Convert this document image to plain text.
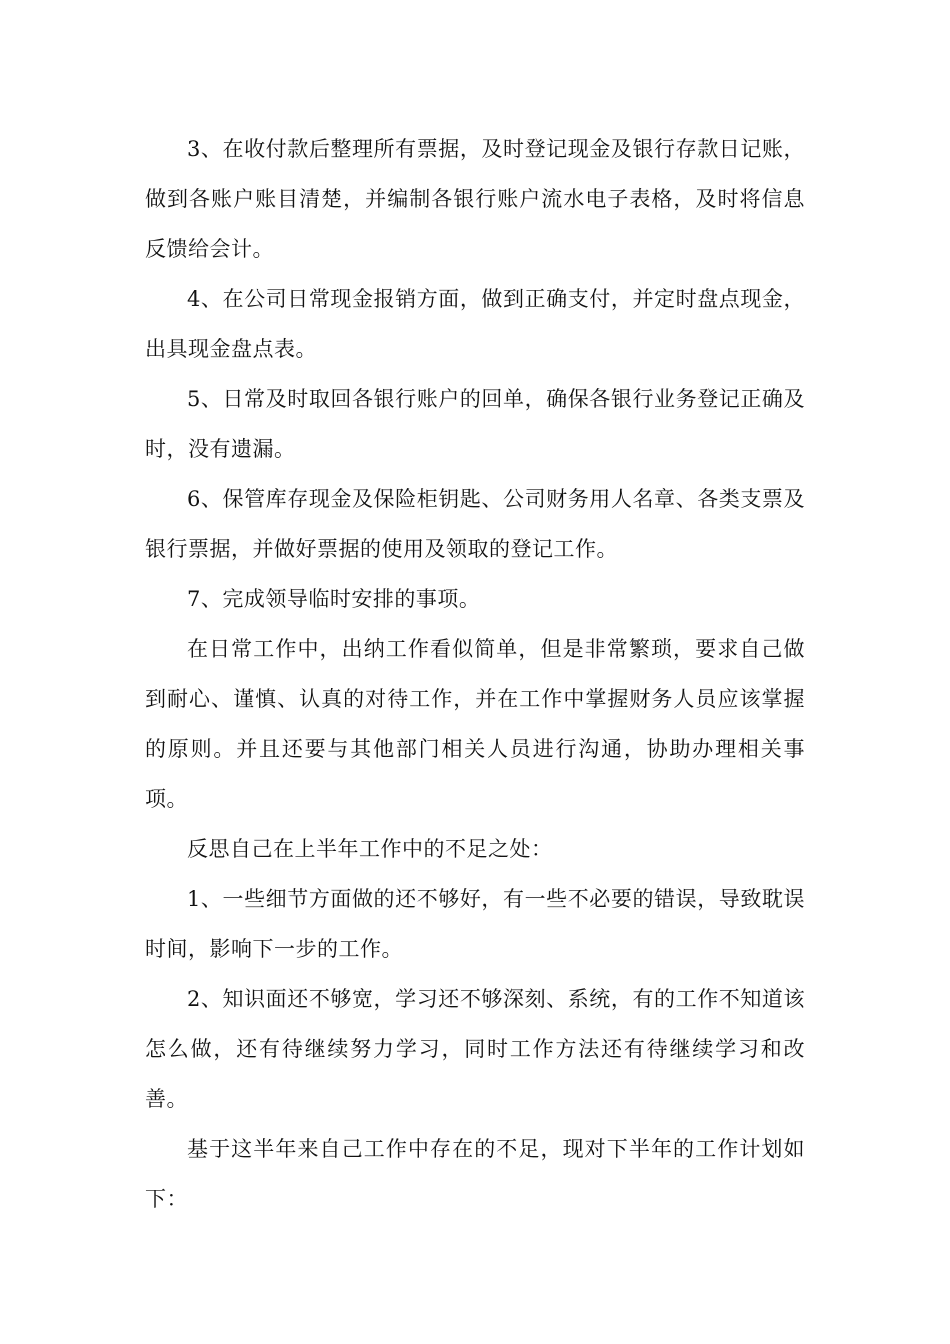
3、在收付款后整理所有票据，及时登记现金及银行存款日记账，做到各账户账目清楚，并编制各银行账户流水电子表格，及时将信息反馈给会计。

4、在公司日常现金报销方面，做到正确支付，并定时盘点现金，出具现金盘点表。

5、日常及时取回各银行账户的回单，确保各银行业务登记正确及时，没有遗漏。

6、保管库存现金及保险柜钥匙、公司财务用人名章、各类支票及银行票据，并做好票据的使用及领取的登记工作。

7、完成领导临时安排的事项。

在日常工作中，出纳工作看似简单，但是非常繁琐，要求自己做到耐心、谨慎、认真的对待工作，并在工作中掌握财务人员应该掌握的原则。并且还要与其他部门相关人员进行沟通，协助办理相关事项。

反思自己在上半年工作中的不足之处：

1、一些细节方面做的还不够好，有一些不必要的错误，导致耽误时间，影响下一步的工作。

2、知识面还不够宽，学习还不够深刻、系统，有的工作不知道该怎么做，还有待继续努力学习，同时工作方法还有待继续学习和改善。

基于这半年来自己工作中存在的不足，现对下半年的工作计划如下：
